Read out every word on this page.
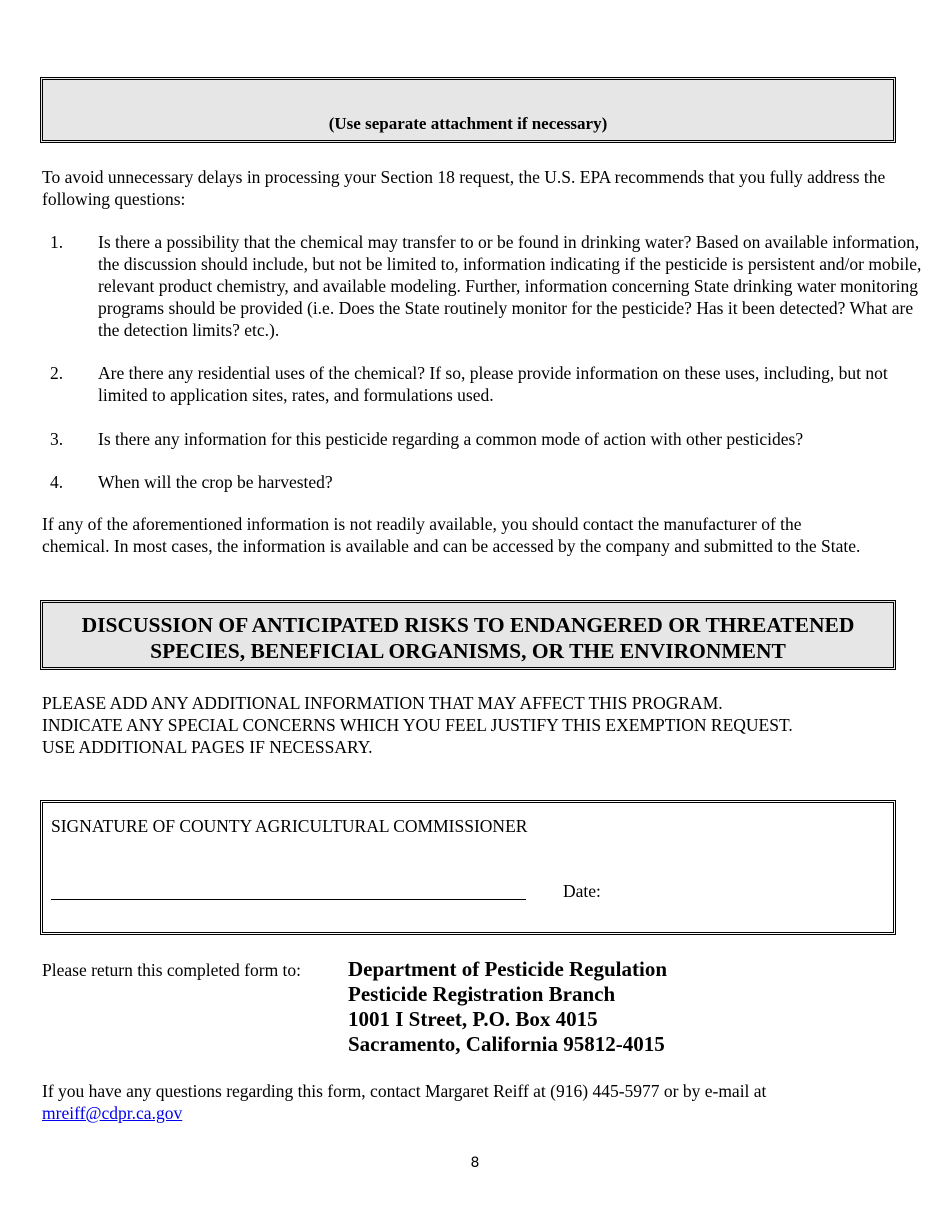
(Use separate attachment if necessary)
To avoid unnecessary delays in processing your Section 18 request, the U.S. EPA recommends that you fully address the following questions:
1. Is there a possibility that the chemical may transfer to or be found in drinking water? Based on available information, the discussion should include, but not be limited to, information indicating if the pesticide is persistent and/or mobile, relevant product chemistry, and available modeling. Further, information concerning State drinking water monitoring programs should be provided (i.e. Does the State routinely monitor for the pesticide? Has it been detected? What are the detection limits? etc.).
2. Are there any residential uses of the chemical? If so, please provide information on these uses, including, but not limited to application sites, rates, and formulations used.
3. Is there any information for this pesticide regarding a common mode of action with other pesticides?
4. When will the crop be harvested?
If any of the aforementioned information is not readily available, you should contact the manufacturer of the chemical. In most cases, the information is available and can be accessed by the company and submitted to the State.
DISCUSSION OF ANTICIPATED RISKS TO ENDANGERED OR THREATENED
SPECIES, BENEFICIAL ORGANISMS, OR THE ENVIRONMENT
PLEASE ADD ANY ADDITIONAL INFORMATION THAT MAY AFFECT THIS PROGRAM.
INDICATE ANY SPECIAL CONCERNS WHICH YOU FEEL JUSTIFY THIS EXEMPTION REQUEST.
USE ADDITIONAL PAGES IF NECESSARY.
SIGNATURE OF COUNTY AGRICULTURAL COMMISSIONER
Date:
Please return this completed form to: Department of Pesticide Regulation
Pesticide Registration Branch
1001 I Street, P.O. Box 4015
Sacramento, California 95812-4015
If you have any questions regarding this form, contact Margaret Reiff at (916) 445-5977 or by e-mail at
mreiff@cdpr.ca.gov
8
